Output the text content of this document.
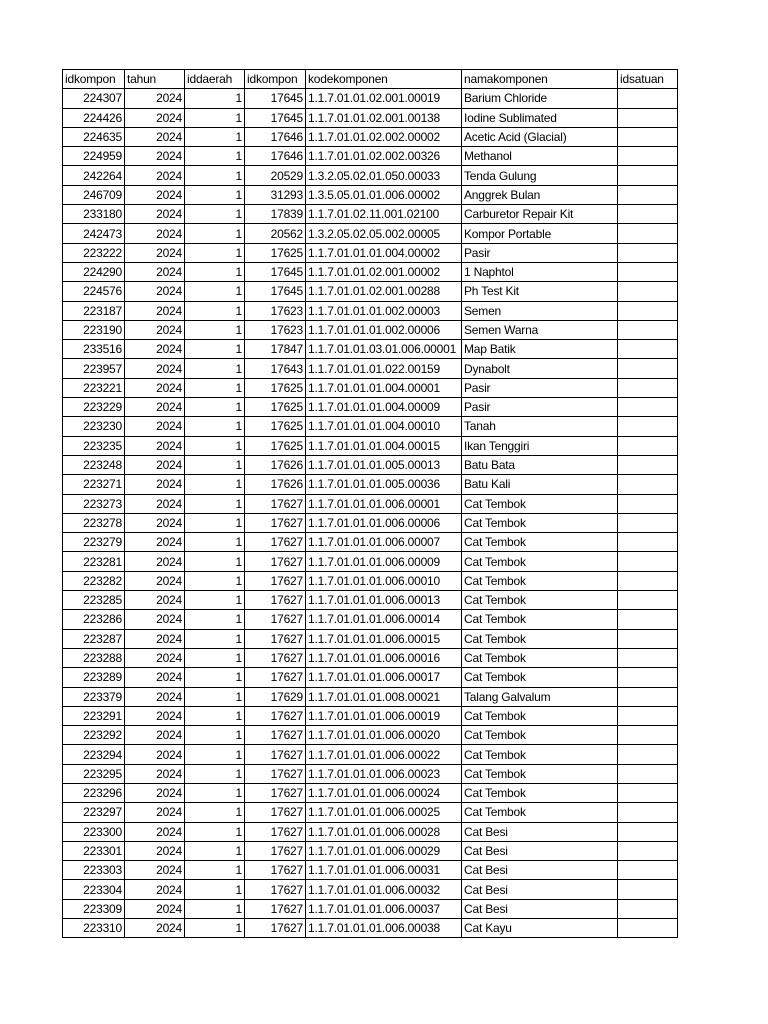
idkompon	tahun	iddaerah	idkompon	kodekomponen	namakomponen	idsatuan
224307	2024	1	17645	1.1.7.01.01.02.001.00019	Barium Chloride	
224426	2024	1	17645	1.1.7.01.01.02.001.00138	Iodine Sublimated	
224635	2024	1	17646	1.1.7.01.01.02.002.00002	Acetic Acid (Glacial)	
224959	2024	1	17646	1.1.7.01.01.02.002.00326	Methanol	
242264	2024	1	20529	1.3.2.05.02.01.050.00033	Tenda Gulung	
246709	2024	1	31293	1.3.5.05.01.01.006.00002	Anggrek Bulan	
233180	2024	1	17839	1.1.7.01.02.11.001.02100	Carburetor Repair Kit	
242473	2024	1	20562	1.3.2.05.02.05.002.00005	Kompor Portable	
223222	2024	1	17625	1.1.7.01.01.01.004.00002	Pasir	
224290	2024	1	17645	1.1.7.01.01.02.001.00002	1 Naphtol	
224576	2024	1	17645	1.1.7.01.01.02.001.00288	Ph Test Kit	
223187	2024	1	17623	1.1.7.01.01.01.002.00003	Semen	
223190	2024	1	17623	1.1.7.01.01.01.002.00006	Semen Warna	
233516	2024	1	17847	1.1.7.01.01.03.01.006.00001	Map Batik	
223957	2024	1	17643	1.1.7.01.01.01.022.00159	Dynabolt	
223221	2024	1	17625	1.1.7.01.01.01.004.00001	Pasir	
223229	2024	1	17625	1.1.7.01.01.01.004.00009	Pasir	
223230	2024	1	17625	1.1.7.01.01.01.004.00010	Tanah	
223235	2024	1	17625	1.1.7.01.01.01.004.00015	Ikan Tenggiri	
223248	2024	1	17626	1.1.7.01.01.01.005.00013	Batu Bata	
223271	2024	1	17626	1.1.7.01.01.01.005.00036	Batu Kali	
223273	2024	1	17627	1.1.7.01.01.01.006.00001	Cat Tembok	
223278	2024	1	17627	1.1.7.01.01.01.006.00006	Cat Tembok	
223279	2024	1	17627	1.1.7.01.01.01.006.00007	Cat Tembok	
223281	2024	1	17627	1.1.7.01.01.01.006.00009	Cat Tembok	
223282	2024	1	17627	1.1.7.01.01.01.006.00010	Cat Tembok	
223285	2024	1	17627	1.1.7.01.01.01.006.00013	Cat Tembok	
223286	2024	1	17627	1.1.7.01.01.01.006.00014	Cat Tembok	
223287	2024	1	17627	1.1.7.01.01.01.006.00015	Cat Tembok	
223288	2024	1	17627	1.1.7.01.01.01.006.00016	Cat Tembok	
223289	2024	1	17627	1.1.7.01.01.01.006.00017	Cat Tembok	
223379	2024	1	17629	1.1.7.01.01.01.008.00021	Talang Galvalum	
223291	2024	1	17627	1.1.7.01.01.01.006.00019	Cat Tembok	
223292	2024	1	17627	1.1.7.01.01.01.006.00020	Cat Tembok	
223294	2024	1	17627	1.1.7.01.01.01.006.00022	Cat Tembok	
223295	2024	1	17627	1.1.7.01.01.01.006.00023	Cat Tembok	
223296	2024	1	17627	1.1.7.01.01.01.006.00024	Cat Tembok	
223297	2024	1	17627	1.1.7.01.01.01.006.00025	Cat Tembok	
223300	2024	1	17627	1.1.7.01.01.01.006.00028	Cat Besi	
223301	2024	1	17627	1.1.7.01.01.01.006.00029	Cat Besi	
223303	2024	1	17627	1.1.7.01.01.01.006.00031	Cat Besi	
223304	2024	1	17627	1.1.7.01.01.01.006.00032	Cat Besi	
223309	2024	1	17627	1.1.7.01.01.01.006.00037	Cat Besi	
223310	2024	1	17627	1.1.7.01.01.01.006.00038	Cat Kayu	
